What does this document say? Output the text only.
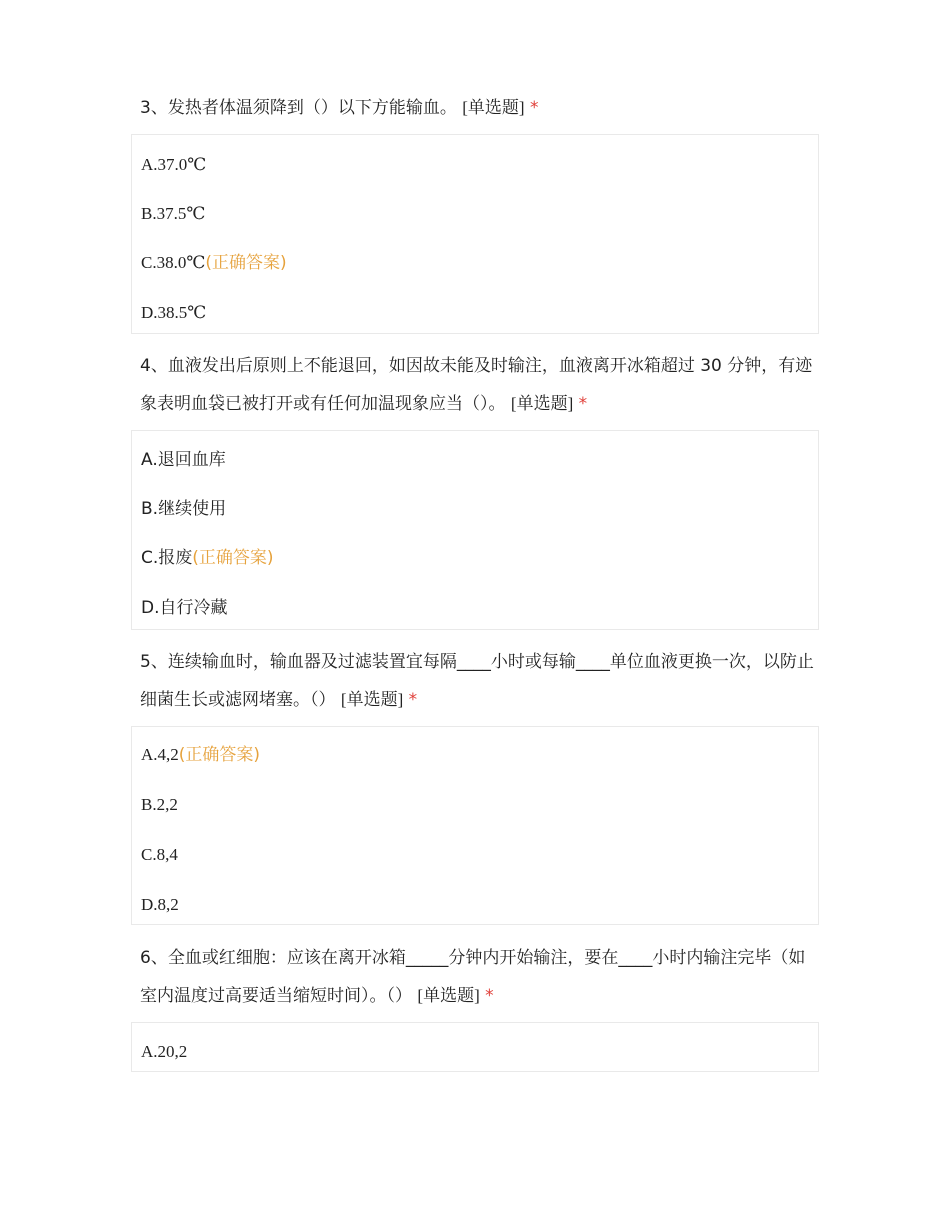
3、发热者体温须降到（）以下方能输血。 [单选题] *
A.37.0℃
B.37.5℃
C.38.0℃(正确答案)
D.38.5℃
4、血液发出后原则上不能退回，如因故未能及时输注，血液离开冰箱超过 30 分钟，有迹象表明血袋已被打开或有任何加温现象应当（）。 [单选题] *
A.退回血库
B.继续使用
C.报废(正确答案)
D.自行冷藏
5、连续输血时，输血器及过滤装置宜每隔____小时或每输____单位血液更换一次，以防止细菌生长或滤网堵塞。（） [单选题] *
A.4,2(正确答案)
B.2,2
C.8,4
D.8,2
6、全血或红细胞：应该在离开冰箱_____分钟内开始输注，要在____小时内输注完毕（如室内温度过高要适当缩短时间）。（） [单选题] *
A.20,2
